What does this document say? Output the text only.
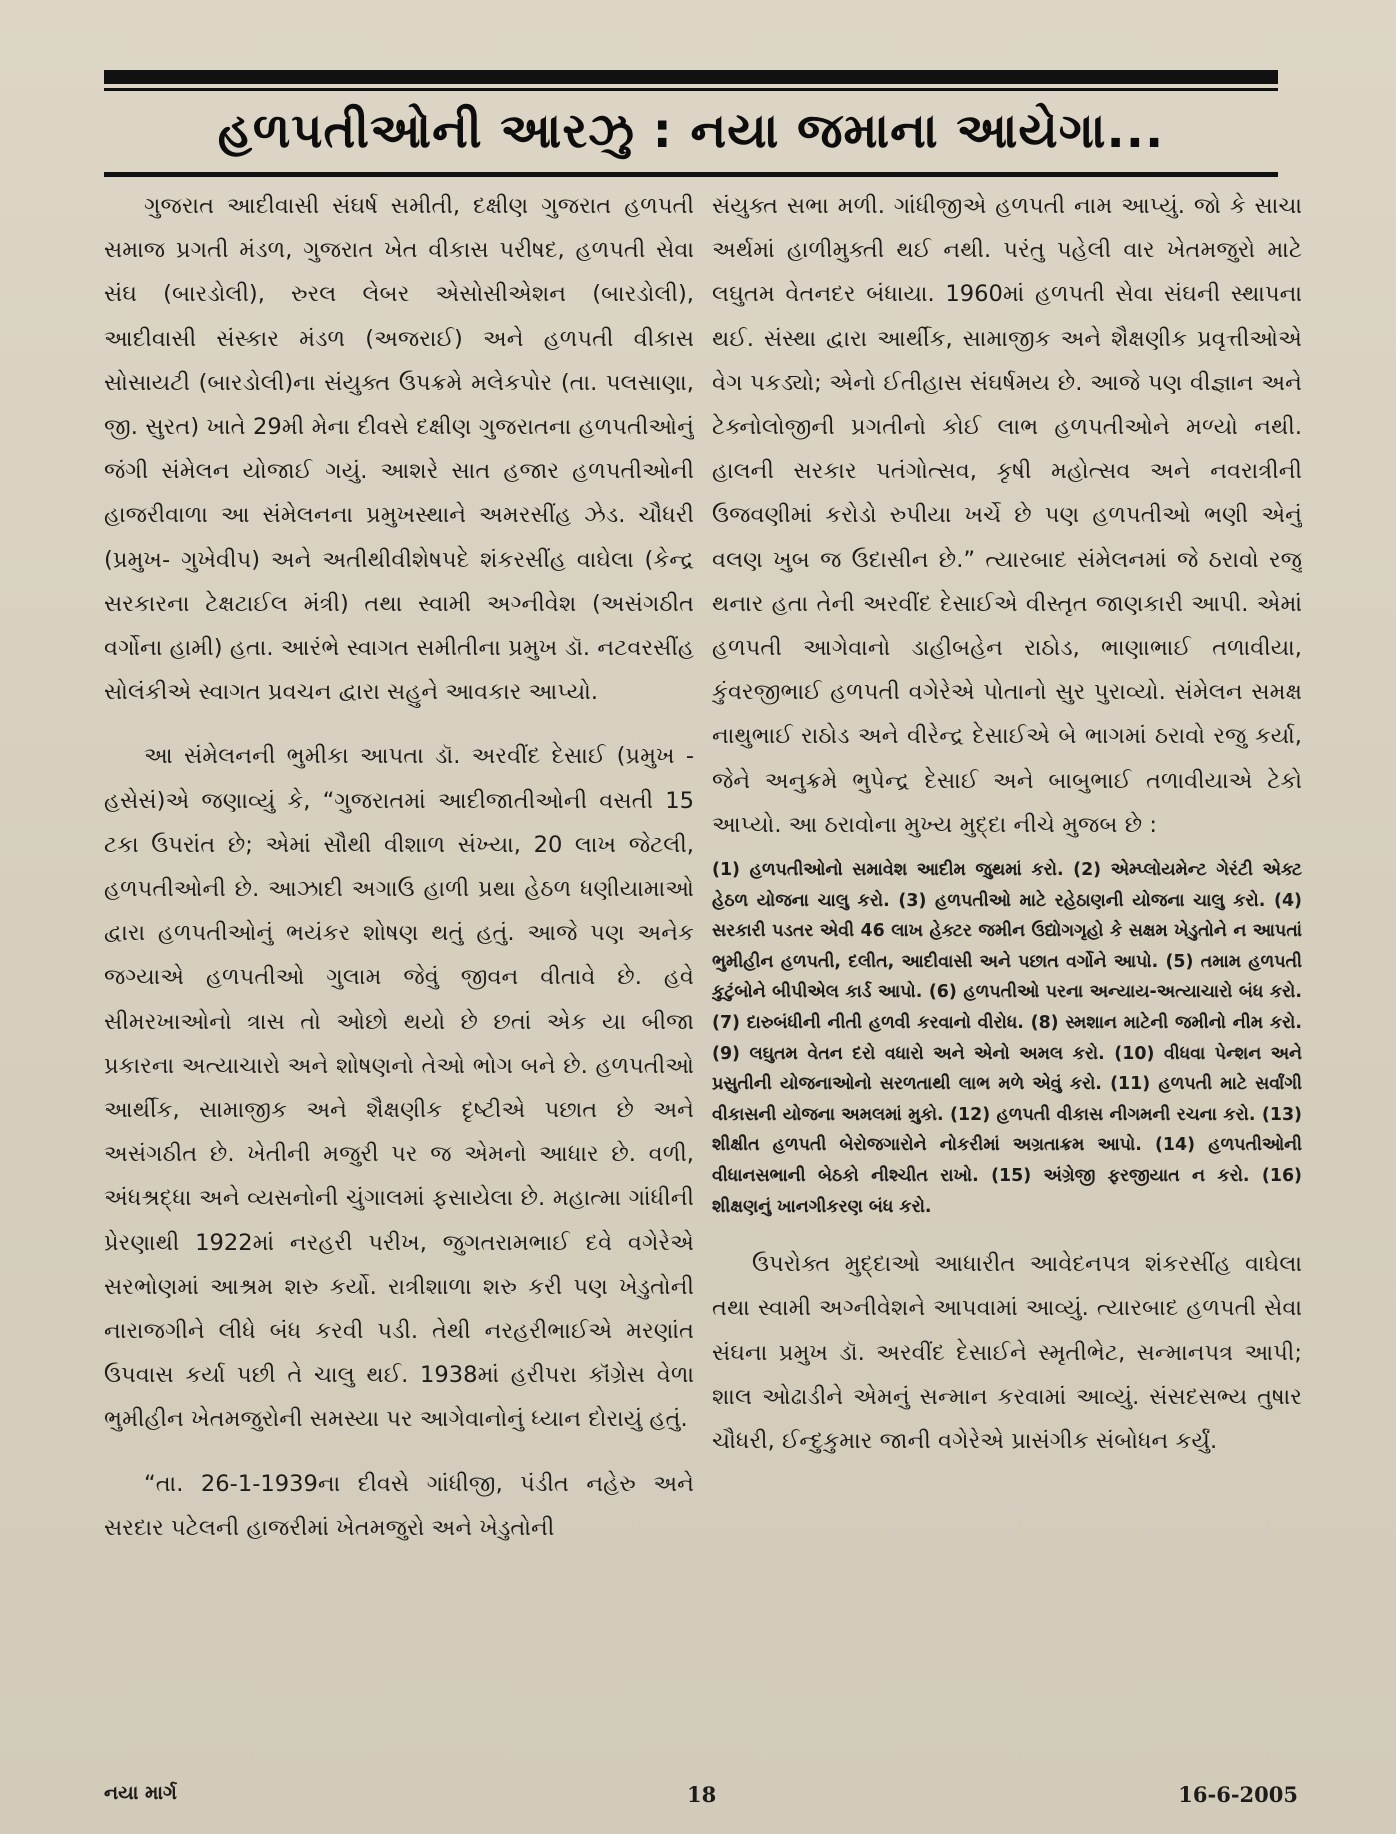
હળપતીઓની આરઝુ : નયા જમાના આયેગા...

ગુજરાત આદીવાસી સંઘર્ષ સમીતી, દક્ષીણ ગુજરાત હળપતી સમાજ પ્રગતી મંડળ, ગુજરાત ખેત વીકાસ પરીષદ, હળપતી સેવા સંઘ (બારડોલી), રુરલ લેબર એસોસીએશન (બારડોલી), આદીવાસી સંસ્કાર મંડળ (અજરાઈ) અને હળપતી વીકાસ સોસાયટી (બારડોલી)ના સંયુક્ત ઉપક્રમે મલેકપોર (તા. પલસાણા, જી. સુરત) ખાતે 29મી મેના દીવસે દક્ષીણ ગુજરાતના હળપતીઓનું જંગી સંમેલન યોજાઈ ગયું. આશરે સાત હજાર હળપતીઓની હાજરીવાળા આ સંમેલનના પ્રમુખસ્થાને અમરસીંહ ઝેડ. ચૌધરી (પ્રમુખ- ગુખેવીપ) અને અતીથીવીશેષપદે શંકરસીંહ વાઘેલા (કેન્દ્ર સરકારના ટેક્ષટાઈલ મંત્રી) તથા સ્વામી અગ્નીવેશ (અસંગઠીત વર્ગોના હામી) હતા. આરંભે સ્વાગત સમીતીના પ્રમુખ ડૉ. નટવરસીંહ સોલંકીએ સ્વાગત પ્રવચન દ્વારા સહુને આવકાર આપ્યો.

આ સંમેલનની ભુમીકા આપતા ડૉ. અરવીંદ દેસાઈ (પ્રમુખ - હસેસં)એ જણાવ્યું કે, “ગુજરાતમાં આદીજાતીઓની વસતી 15 ટકા ઉપરાંત છે; એમાં સૌથી વીશાળ સંખ્યા, 20 લાખ જેટલી, હળપતીઓની છે. આઝાદી અગાઉ હાળી પ્રથા હેઠળ ધણીયામાઓ દ્વારા હળપતીઓનું ભયંકર શોષણ થતું હતું. આજે પણ અનેક જગ્યાએ હળપતીઓ ગુલામ જેવું જીવન વીતાવે છે. હવે સીમરખાઓનો ત્રાસ તો ઓછો થયો છે છતાં એક યા બીજા પ્રકારના અત્યાચારો અને શોષણનો તેઓ ભોગ બને છે. હળપતીઓ આર્થીક, સામાજીક અને શૈક્ષણીક દૃષ્ટીએ પછાત છે અને અસંગઠીત છે. ખેતીની મજુરી પર જ એમનો આધાર છે. વળી, અંધશ્રદ્ધા અને વ્યસનોની ચુંગાલમાં ફસાયેલા છે. મહાત્મા ગાંધીની પ્રેરણાથી 1922માં નરહરી પરીખ, જુગતરામભાઈ દવે વગેરેએ સરભોણમાં આશ્રમ શરુ કર્યો. રાત્રીશાળા શરુ કરી પણ ખેડુતોની નારાજગીને લીધે બંધ કરવી પડી. તેથી નરહરીભાઈએ મરણાંત ઉપવાસ કર્યા પછી તે ચાલુ થઈ. 1938માં હરીપરા કૉંગ્રેસ વેળા ભુમીહીન ખેતમજુરોની સમસ્યા પર આગેવાનોનું ધ્યાન દોરાયું હતું.

“તા. 26-1-1939ના દીવસે ગાંધીજી, પંડીત નહેરુ અને સરદાર પટેલની હાજરીમાં ખેતમજુરો અને ખેડુતોની

સંયુક્ત સભા મળી. ગાંધીજીએ હળપતી નામ આપ્યું. જો કે સાચા અર્થમાં હાળીમુક્તી થઈ નથી. પરંતુ પહેલી વાર ખેતમજુરો માટે લઘુતમ વેતનદર બંધાયા. 1960માં હળપતી સેવા સંઘની સ્થાપના થઈ. સંસ્થા દ્વારા આર્થીક, સામાજીક અને શૈક્ષણીક પ્રવૃત્તીઓએ વેગ પકડ્યો; એનો ઈતીહાસ સંઘર્ષમય છે. આજે પણ વીજ્ઞાન અને ટેક્નોલોજીની પ્રગતીનો કોઈ લાભ હળપતીઓને મળ્યો નથી. હાલની સરકાર પતંગોત્સવ, કૃષી મહોત્સવ અને નવરાત્રીની ઉજવણીમાં કરોડો રુપીયા ખર્ચે છે પણ હળપતીઓ ભણી એનું વલણ ખુબ જ ઉદાસીન છે.” ત્યારબાદ સંમેલનમાં જે ઠરાવો રજુ થનાર હતા તેની અરવીંદ દેસાઈએ વીસ્તૃત જાણકારી આપી. એમાં હળપતી આગેવાનો ડાહીબહેન રાઠોડ, ભાણાભાઈ તળાવીયા, કુંવરજીભાઈ હળપતી વગેરેએ પોતાનો સુર પુરાવ્યો. સંમેલન સમક્ષ નાથુભાઈ રાઠોડ અને વીરેન્દ્ર દેસાઈએ બે ભાગમાં ઠરાવો રજુ કર્યા, જેને અનુક્રમે ભુપેન્દ્ર દેસાઈ અને બાબુભાઈ તળાવીયાએ ટેકો આપ્યો. આ ઠરાવોના મુખ્ય મુદ્દા નીચે મુજબ છે :

(1) હળપતીઓનો સમાવેશ આદીમ જુથમાં કરો. (2) એમ્પ્લોયમેન્ટ ગેરંટી એક્ટ હેઠળ યોજના ચાલુ કરો. (3) હળપતીઓ માટે રહેઠાણની યોજના ચાલુ કરો. (4) સરકારી પડતર એવી 46 લાખ હેક્ટર જમીન ઉદ્યોગગૃહો કે સક્ષમ ખેડુતોને ન આપતાં ભુમીહીન હળપતી, દલીત, આદીવાસી અને પછાત વર્ગોને આપો. (5) તમામ હળપતી કુટુંબોને બીપીએલ કાર્ડ આપો. (6) હળપતીઓ પરના અન્યાય-અત્યાચારો બંધ કરો. (7) દારુબંધીની નીતી હળવી કરવાનો વીરોધ. (8) સ્મશાન માટેની જમીનો નીમ કરો. (9) લઘુતમ વેતન દરો વધારો અને એનો અમલ કરો. (10) વીધવા પેન્શન અને પ્રસુતીની યોજનાઓનો સરળતાથી લાભ મળે એવું કરો. (11) હળપતી માટે સર્વાંગી વીકાસની યોજના અમલમાં મુકો. (12) હળપતી વીકાસ નીગમની રચના કરો. (13) શીક્ષીત હળપતી બેરોજગારોને નોકરીમાં અગ્રતાક્રમ આપો. (14) હળપતીઓની વીધાનસભાની બેઠકો નીશ્ચીત રાખો. (15) અંગ્રેજી ફરજીયાત ન કરો. (16) શીક્ષણનું ખાનગીકરણ બંધ કરો.

ઉપરોક્ત મુદ્દાઓ આધારીત આવેદનપત્ર શંકરસીંહ વાઘેલા તથા સ્વામી અગ્નીવેશને આપવામાં આવ્યું. ત્યારબાદ હળપતી સેવા સંઘના પ્રમુખ ડૉ. અરવીંદ દેસાઈને સ્મૃતીભેટ, સન્માનપત્ર આપી; શાલ ઓઢાડીને એમનું સન્માન કરવામાં આવ્યું. સંસદસભ્ય તુષાર ચૌધરી, ઈન્દુકુમાર જાની વગેરેએ પ્રાસંગીક સંબોધન કર્યું.

નયા માર્ગ	18	16-6-2005
